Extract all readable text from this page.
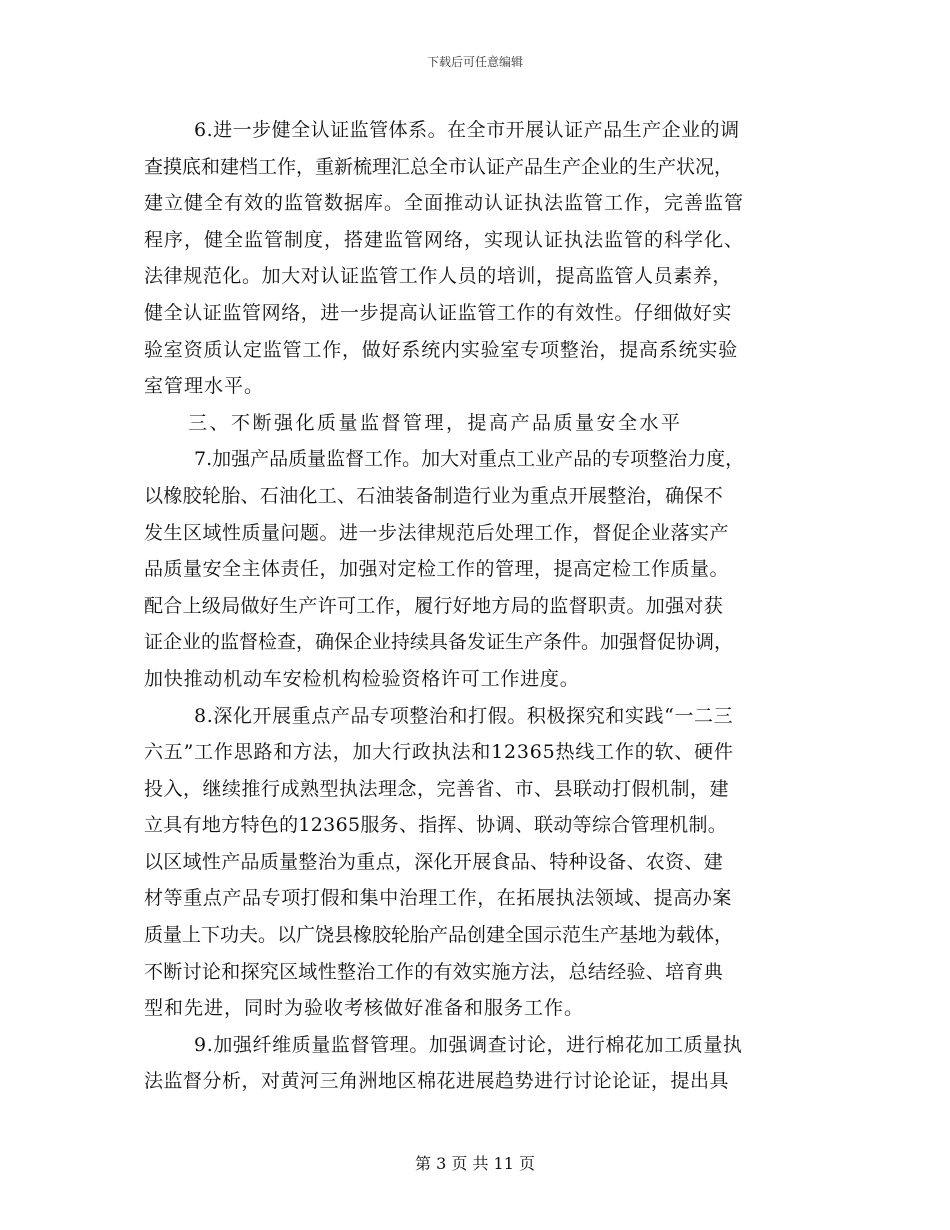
下载后可任意编辑
6.进一步健全认证监管体系。在全市开展认证产品生产企业的调
查摸底和建档工作，重新梳理汇总全市认证产品生产企业的生产状况，
建立健全有效的监管数据库。全面推动认证执法监管工作，完善监管
程序，健全监管制度，搭建监管网络，实现认证执法监管的科学化、
法律规范化。加大对认证监管工作人员的培训，提高监管人员素养，
健全认证监管网络，进一步提高认证监管工作的有效性。仔细做好实
验室资质认定监管工作，做好系统内实验室专项整治，提高系统实验
室管理水平。
三、不断强化质量监督管理，提高产品质量安全水平
7.加强产品质量监督工作。加大对重点工业产品的专项整治力度，
以橡胶轮胎、石油化工、石油装备制造行业为重点开展整治，确保不
发生区域性质量问题。进一步法律规范后处理工作，督促企业落实产
品质量安全主体责任，加强对定检工作的管理，提高定检工作质量。
配合上级局做好生产许可工作，履行好地方局的监督职责。加强对获
证企业的监督检查，确保企业持续具备发证生产条件。加强督促协调，
加快推动机动车安检机构检验资格许可工作进度。
8.深化开展重点产品专项整治和打假。积极探究和实践“一二三
六五”工作思路和方法，加大行政执法和12365热线工作的软、硬件
投入，继续推行成熟型执法理念，完善省、市、县联动打假机制，建
立具有地方特色的12365服务、指挥、协调、联动等综合管理机制。
以区域性产品质量整治为重点，深化开展食品、特种设备、农资、建
材等重点产品专项打假和集中治理工作，在拓展执法领域、提高办案
质量上下功夫。以广饶县橡胶轮胎产品创建全国示范生产基地为载体，
不断讨论和探究区域性整治工作的有效实施方法，总结经验、培育典
型和先进，同时为验收考核做好准备和服务工作。
9.加强纤维质量监督管理。加强调查讨论，进行棉花加工质量执
法监督分析，对黄河三角洲地区棉花进展趋势进行讨论论证，提出具
第 3 页 共 11 页
